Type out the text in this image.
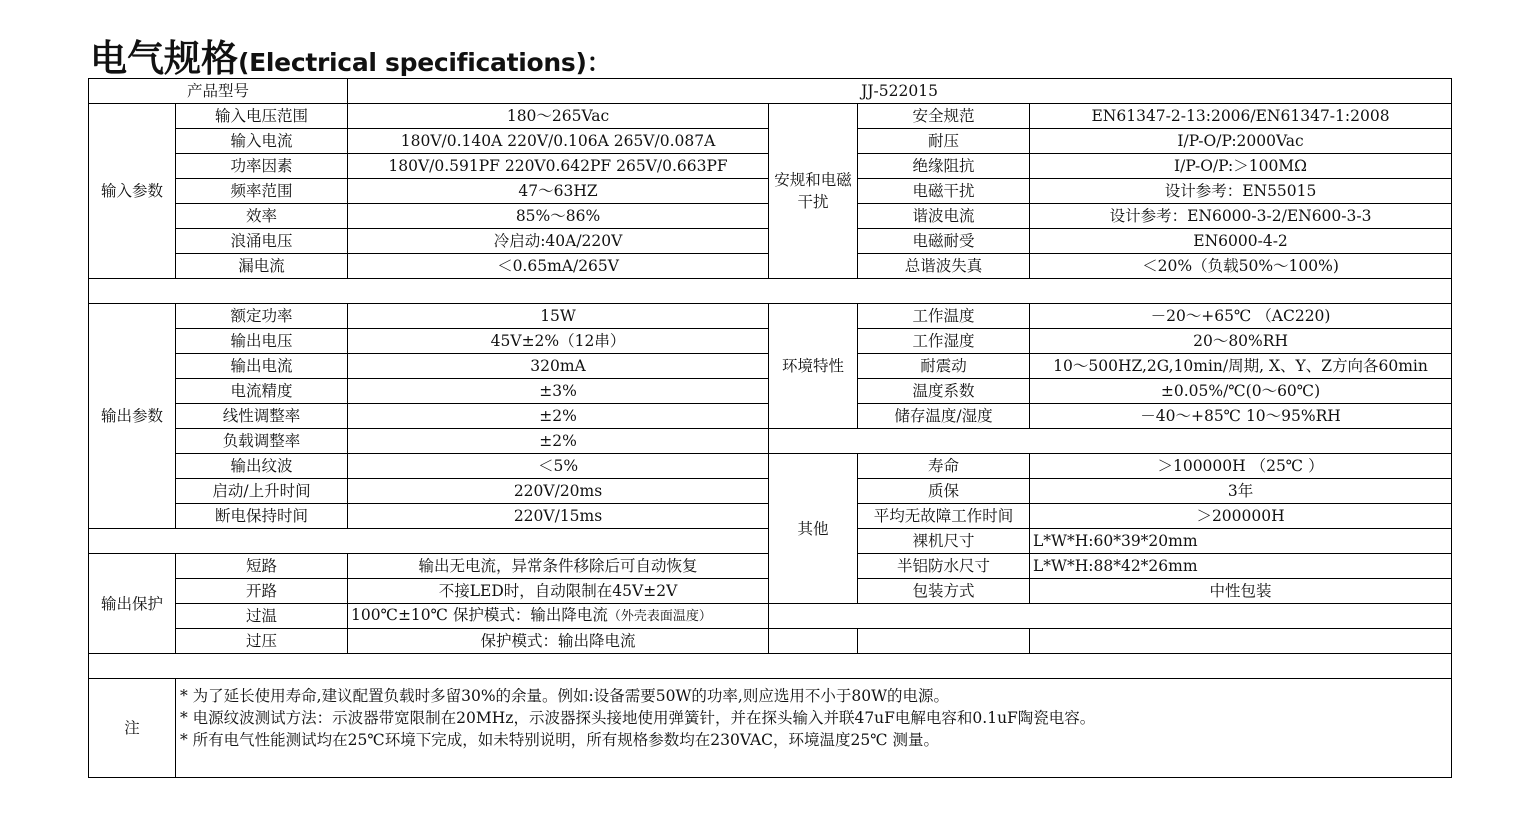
电气规格(Electrical specifications)：
产品型号		JJ-522015			
输入参数	输入电压范围	180～265Vac	安规和电磁干扰	安全规范	EN61347-2-13:2006/EN61347-1:2008
	输入电流	180V/0.140A 220V/0.106A 265V/0.087A		耐压	I/P-O/P:2000Vac
	功率因素	180V/0.591PF 220V0.642PF 265V/0.663PF		绝缘阻抗	I/P-O/P:＞100MΩ
	频率范围	47～63HZ		电磁干扰	设计参考：EN55015
	效率	85%～86%		谐波电流	设计参考：EN6000-3-2/EN600-3-3
	浪涌电压	冷启动:40A/220V		电磁耐受	EN6000-4-2
	漏电流	＜0.65mA/265V		总谐波失真	＜20%（负载50%～100%)

输出参数	额定功率	15W	环境特性	工作温度	－20～+65℃ （AC220)
	输出电压	45V±2%（12串）		工作湿度	20～80%RH
	输出电流	320mA		耐震动	10～500HZ,2G,10min/周期, X、Y、Z方向各60min
	电流精度	±3%		温度系数	±0.05%/℃(0～60℃)
	线性调整率	±2%		储存温度/湿度	－40～+85℃ 10～95%RH
	负载调整率	±2%			
	输出纹波	＜5%	其他	寿命	＞100000H （25℃ ）
	启动/上升时间	220V/20ms		质保	3年
	断电保持时间	220V/15ms		平均无故障工作时间	＞200000H
				裸机尺寸	L*W*H:60*39*20mm
输出保护	短路	输出无电流，异常条件移除后可自动恢复		半铝防水尺寸	L*W*H:88*42*26mm
	开路	不接LED时，自动限制在45V±2V		包装方式	中性包装
	过温	100℃±10℃ 保护模式：输出降电流（外壳表面温度）			
	过压	保护模式：输出降电流			

注	* 为了延长使用寿命,建议配置负载时多留30%的余量。例如:设备需要50W的功率,则应选用不小于80W的电源。
* 电源纹波测试方法：示波器带宽限制在20MHz，示波器探头接地使用弹簧针，并在探头输入并联47uF电解电容和0.1uF陶瓷电容。
* 所有电气性能测试均在25℃环境下完成，如未特别说明，所有规格参数均在230VAC，环境温度25℃ 测量。				
